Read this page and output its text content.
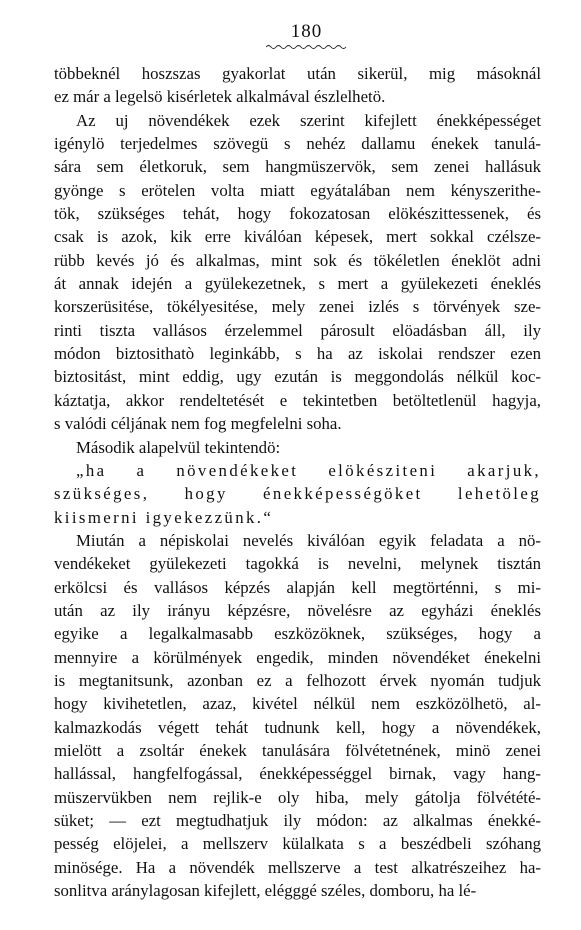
180
többeknél hoszszas gyakorlat után sikerül, mig másoknál
ez már a legelsö kisérletek alkalmával észlelhetö.
Az uj növendékek ezek szerint kifejlett énekképességet
igénylö terjedelmes szövegü s nehéz dallamu énekek tanulá-
sára sem életkoruk, sem hangmüszervök, sem zenei hallásuk
gyönge s erötelen volta miatt egyátalában nem kényszerithe-
tök, szükséges tehát, hogy fokozatosan elökészittessenek, és
csak is azok, kik erre kiválóan képesek, mert sokkal czélsze-
rübb kevés jó és alkalmas, mint sok és tökéletlen éneklöt adni
át annak idején a gyülekezetnek, s mert a gyülekezeti éneklés
korszerüsitése, tökélyesitése, mely zenei izlés s törvények sze-
rinti tiszta vallásos érzelemmel párosult elöadásban áll, ily
módon biztosithatò leginkább, s ha az iskolai rendszer ezen
biztositást, mint eddig, ugy ezután is meggondolás nélkül koc-
káztatja, akkor rendeltetését e tekintetben betöltetlenül hagyja,
s valódi céljának nem fog megfelelni soha.
Második alapelvül tekintendö:
„ha a növendékeket elökésziteni akarjuk,
szükséges, hogy énekképességöket lehetöleg
kiismerni igyekezzünk.“
Miután a népiskolai nevelés kiválóan egyik feladata a nö-
vendékeket gyülekezeti tagokká is nevelni, melynek tisztán
erkölcsi és vallásos képzés alapján kell megtörténni, s mi-
után az ily irányu képzésre, növelésre az egyházi éneklés
egyike a legalkalmasabb eszközöknek, szükséges, hogy a
mennyire a körülmények engedik, minden növendéket énekelni
is megtanitsunk, azonban ez a felhozott érvek nyomán tudjuk
hogy kivihetetlen, azaz, kivétel nélkül nem eszközölhetö, al-
kalmazkodás végett tehát tudnunk kell, hogy a növendékek,
mielött a zsoltár énekek tanulására fölvétetnének, minö zenei
hallással, hangfelfogással, énekképességgel birnak, vagy hang-
müszervükben nem rejlik-e oly hiba, mely gátolja fölvétété-
süket; — ezt megtudhatjuk ily módon: az alkalmas énekké-
pesség elöjelei, a mellszerv külalkata s a beszédbeli szóhang
minösége. Ha a növendék mellszerve a test alkatrészeihez ha-
sonlitva aránylagosan kifejlett, elégggé széles, domboru, ha lé-
